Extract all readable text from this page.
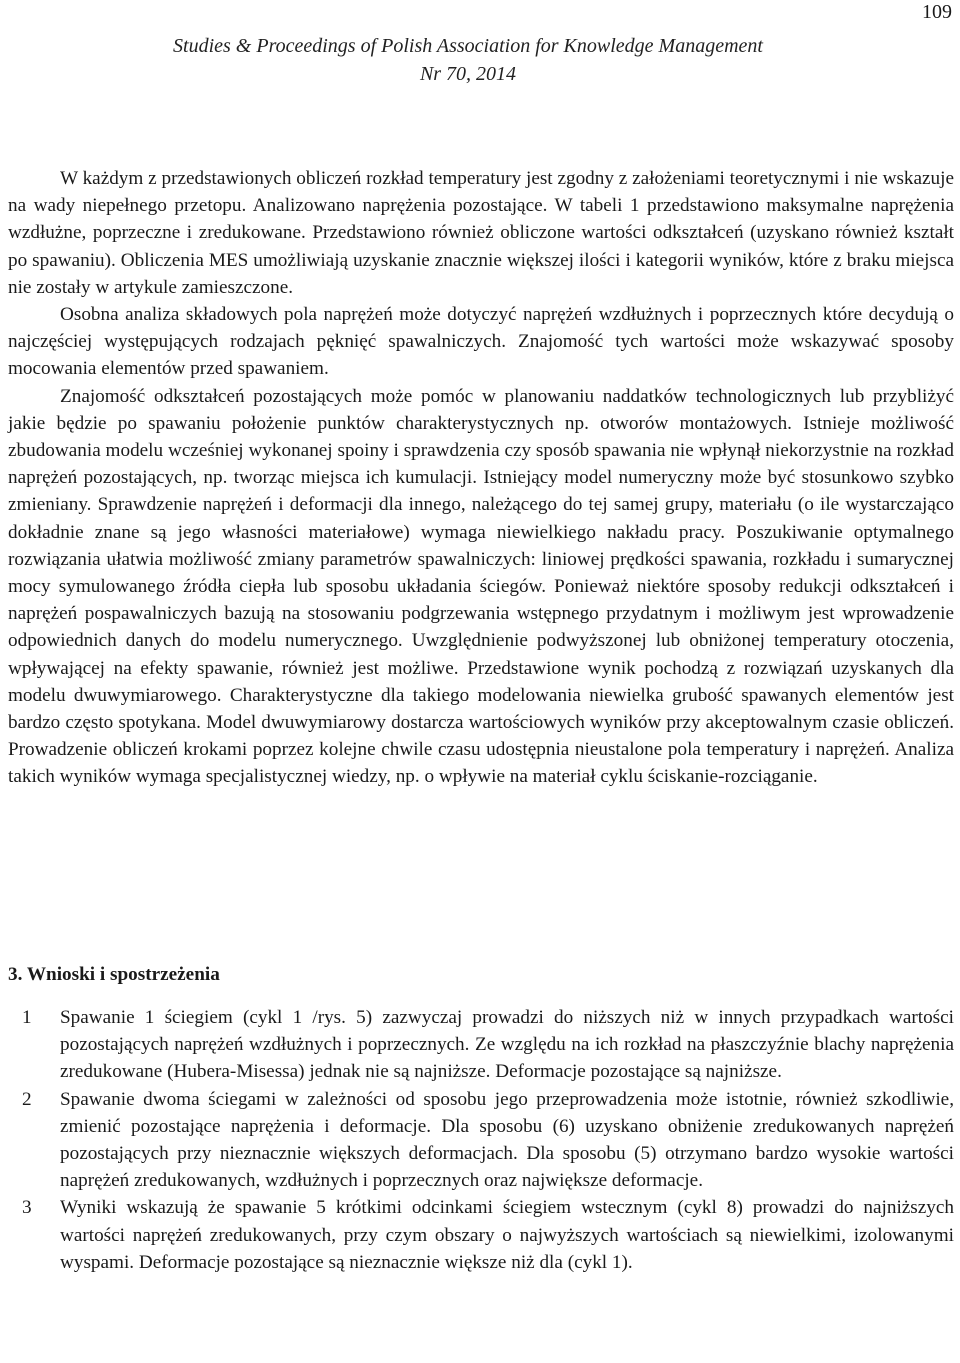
109
Studies & Proceedings of Polish Association for Knowledge Management
Nr 70, 2014

W każdym z przedstawionych obliczeń rozkład temperatury jest zgodny z założeniami teoretycznymi i nie wskazuje na wady niepełnego przetopu. Analizowano naprężenia pozostające. W tabeli 1 przedstawiono maksymalne naprężenia wzdłużne, poprzeczne i zredukowane. Przedstawiono również obliczone wartości odkształceń (uzyskano również kształt po spawaniu). Obliczenia MES umożliwiają uzyskanie znacznie większej ilości i kategorii wyników, które z braku miejsca nie zostały w artykule zamieszczone.

Osobna analiza składowych pola naprężeń może dotyczyć naprężeń wzdłużnych i poprzecznych które decydują o najczęściej występujących rodzajach pęknięć spawalniczych. Znajomość tych wartości może wskazywać sposoby mocowania elementów przed spawaniem.

Znajomość odkształceń pozostających może pomóc w planowaniu naddatków technologicznych lub przybliżyć jakie będzie po spawaniu położenie punktów charakterystycznych np. otworów montażowych. Istnieje możliwość zbudowania modelu wcześniej wykonanej spoiny i sprawdzenia czy sposób spawania nie wpłynął niekorzystnie na rozkład naprężeń pozostających, np. tworząc miejsca ich kumulacji. Istniejący model numeryczny może być stosunkowo szybko zmieniany. Sprawdzenie naprężeń i deformacji dla innego, należącego do tej samej grupy, materiału (o ile wystarczająco dokładnie znane są jego własności materiałowe) wymaga niewielkiego nakładu pracy. Poszukiwanie optymalnego rozwiązania ułatwia możliwość zmiany parametrów spawalniczych: liniowej prędkości spawania, rozkładu i sumarycznej mocy symulowanego źródła ciepła lub sposobu układania ściegów. Ponieważ niektóre sposoby redukcji odkształceń i naprężeń pospawalniczych bazują na stosowaniu podgrzewania wstępnego przydatnym i możliwym jest wprowadzenie odpowiednich danych do modelu numerycznego. Uwzględnienie podwyższonej lub obniżonej temperatury otoczenia, wpływającej na efekty spawanie, również jest możliwe. Przedstawione wynik pochodzą z rozwiązań uzyskanych dla modelu dwuwymiarowego. Charakterystyczne dla takiego modelowania niewielka grubość spawanych elementów jest bardzo często spotykana. Model dwuwymiarowy dostarcza wartościowych wyników przy akceptowalnym czasie obliczeń. Prowadzenie obliczeń krokami poprzez kolejne chwile czasu udostępnia nieustalone pola temperatury i naprężeń. Analiza takich wyników wymaga specjalistycznej wiedzy, np. o wpływie na materiał cyklu ściskanie-rozciąganie.

3. Wnioski i spostrzeżenia
1 Spawanie 1 ściegiem (cykl 1 /rys. 5) zazwyczaj prowadzi do niższych niż w innych przypadkach wartości pozostających naprężeń wzdłużnych i poprzecznych. Ze względu na ich rozkład na płaszczyźnie blachy naprężenia zredukowane (Hubera-Misessa) jednak nie są najniższe. Deformacje pozostające są najniższe.
2 Spawanie dwoma ściegami w zależności od sposobu jego przeprowadzenia może istotnie, również szkodliwie, zmienić pozostające naprężenia i deformacje. Dla sposobu (6) uzyskano obniżenie zredukowanych naprężeń pozostających przy nieznacznie większych deformacjach. Dla sposobu (5) otrzymano bardzo wysokie wartości naprężeń zredukowanych, wzdłużnych i poprzecznych oraz największe deformacje.
3 Wyniki wskazują że spawanie 5 krótkimi odcinkami ściegiem wstecznym (cykl 8) prowadzi do najniższych wartości naprężeń zredukowanych, przy czym obszary o najwyższych wartościach są niewielkimi, izolowanymi wyspami. Deformacje pozostające są nieznacznie większe niż dla (cykl 1).
